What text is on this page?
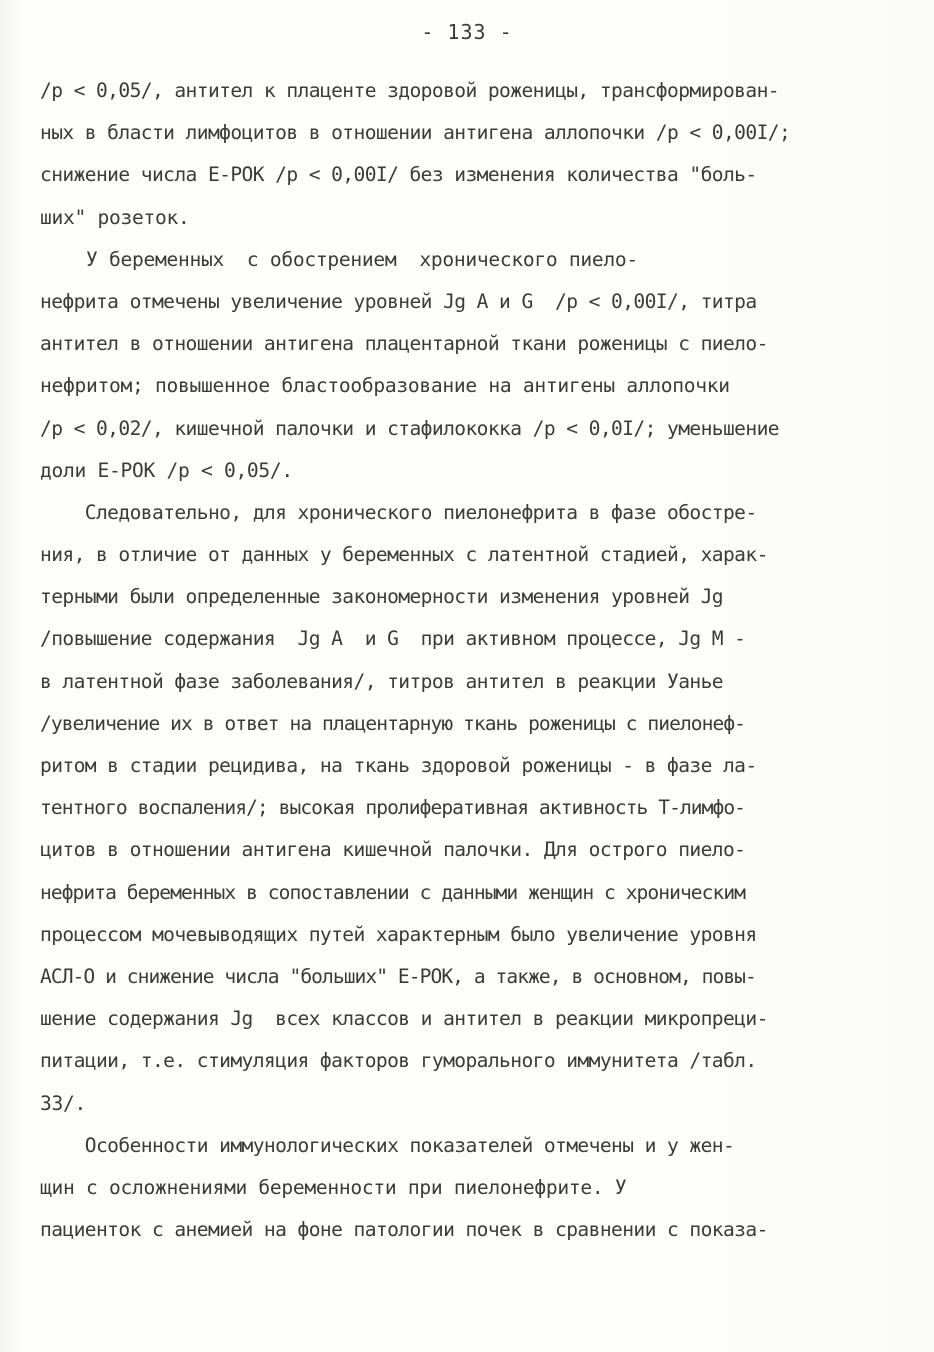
- 133 -
/p < 0,05/, антител к плаценте здоровой роженицы, трансформирован-
ных в бласти лимфоцитов в отношении антигена аллопочки /p < 0,00I/;
снижение числа Е-РОК /p < 0,00I/ без изменения количества "боль-
ших" розеток.
У беременных  с обострением  хронического пиело-
нефрита отмечены увеличение уровней Jg A и G  /p < 0,00I/, титра
антител в отношении антигена плацентарной ткани роженицы с пиело-
нефритом; повышенное бластообразование на антигены аллопочки
/p < 0,02/, кишечной палочки и стафилококка /p < 0,0I/; уменьшение
доли Е-РОК /p < 0,05/.
Следовательно, для хронического пиелонефрита в фазе обостре-
ния, в отличие от данных у беременных с латентной стадией, харак-
терными были определенные закономерности изменения уровней Jg
/повышение содержания  Jg A  и G  при активном процессе, Jg M -
в латентной фазе заболевания/, титров антител в реакции Уанье
/увеличение их в ответ на плацентарную ткань роженицы с пиелонеф-
ритом в стадии рецидива, на ткань здоровой роженицы - в фазе ла-
тентного воспаления/; высокая пролиферативная активность Т-лимфо-
цитов в отношении антигена кишечной палочки. Для острого пиело-
нефрита беременных в сопоставлении с данными женщин с хроническим
процессом мочевыводящих путей характерным было увеличение уровня
АСЛ-О и снижение числа "больших" Е-РОК, а также, в основном, повы-
шение содержания Jg  всех классов и антител в реакции микропреци-
питации, т.е. стимуляция факторов гуморального иммунитета /табл.
33/.
Особенности иммунологических показателей отмечены и у жен-
щин с осложнениями беременности при пиелонефрите. У
пациенток с анемией на фоне патологии почек в сравнении с показа-
